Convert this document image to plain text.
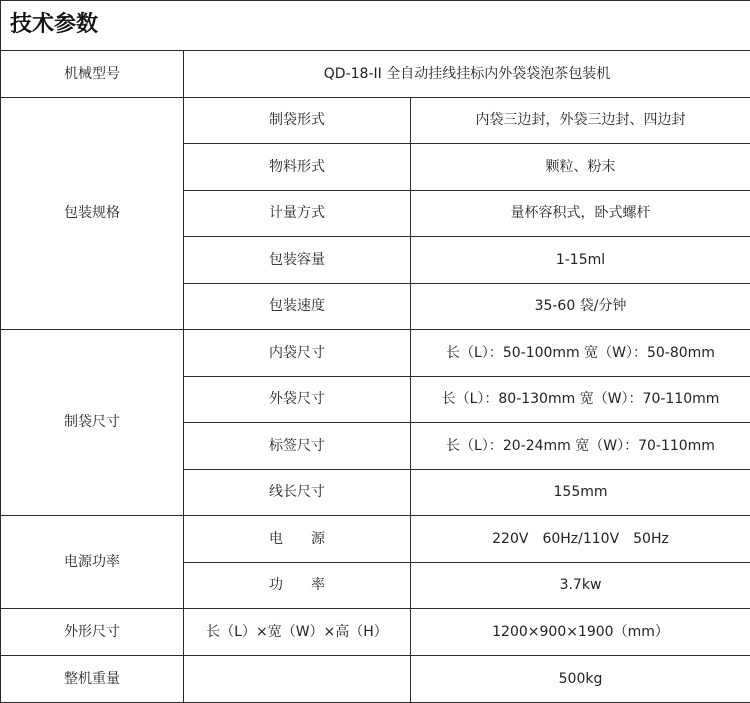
技术参数		
机械型号	QD-18-II 全自动挂线挂标内外袋袋泡茶包装机	
包装规格	制袋形式	内袋三边封，外袋三边封、四边封
	物料形式	颗粒、粉末
	计量方式	量杯容积式，卧式螺杆
	包装容量	1-15ml
	包装速度	35-60 袋/分钟
制袋尺寸	内袋尺寸	长（L）：50-100mm 宽（W）：50-80mm
	外袋尺寸	长（L）：80-130mm 宽（W）：70-110mm
	标签尺寸	长（L）：20-24mm 宽（W）：70-110mm
	线长尺寸	155mm
电源功率	电　　源	220V　60Hz/110V　50Hz
	功　　率	3.7kw
外形尺寸	长（L）×宽（W）×高（H）	1200×900×1900（mm）
整机重量		500kg
